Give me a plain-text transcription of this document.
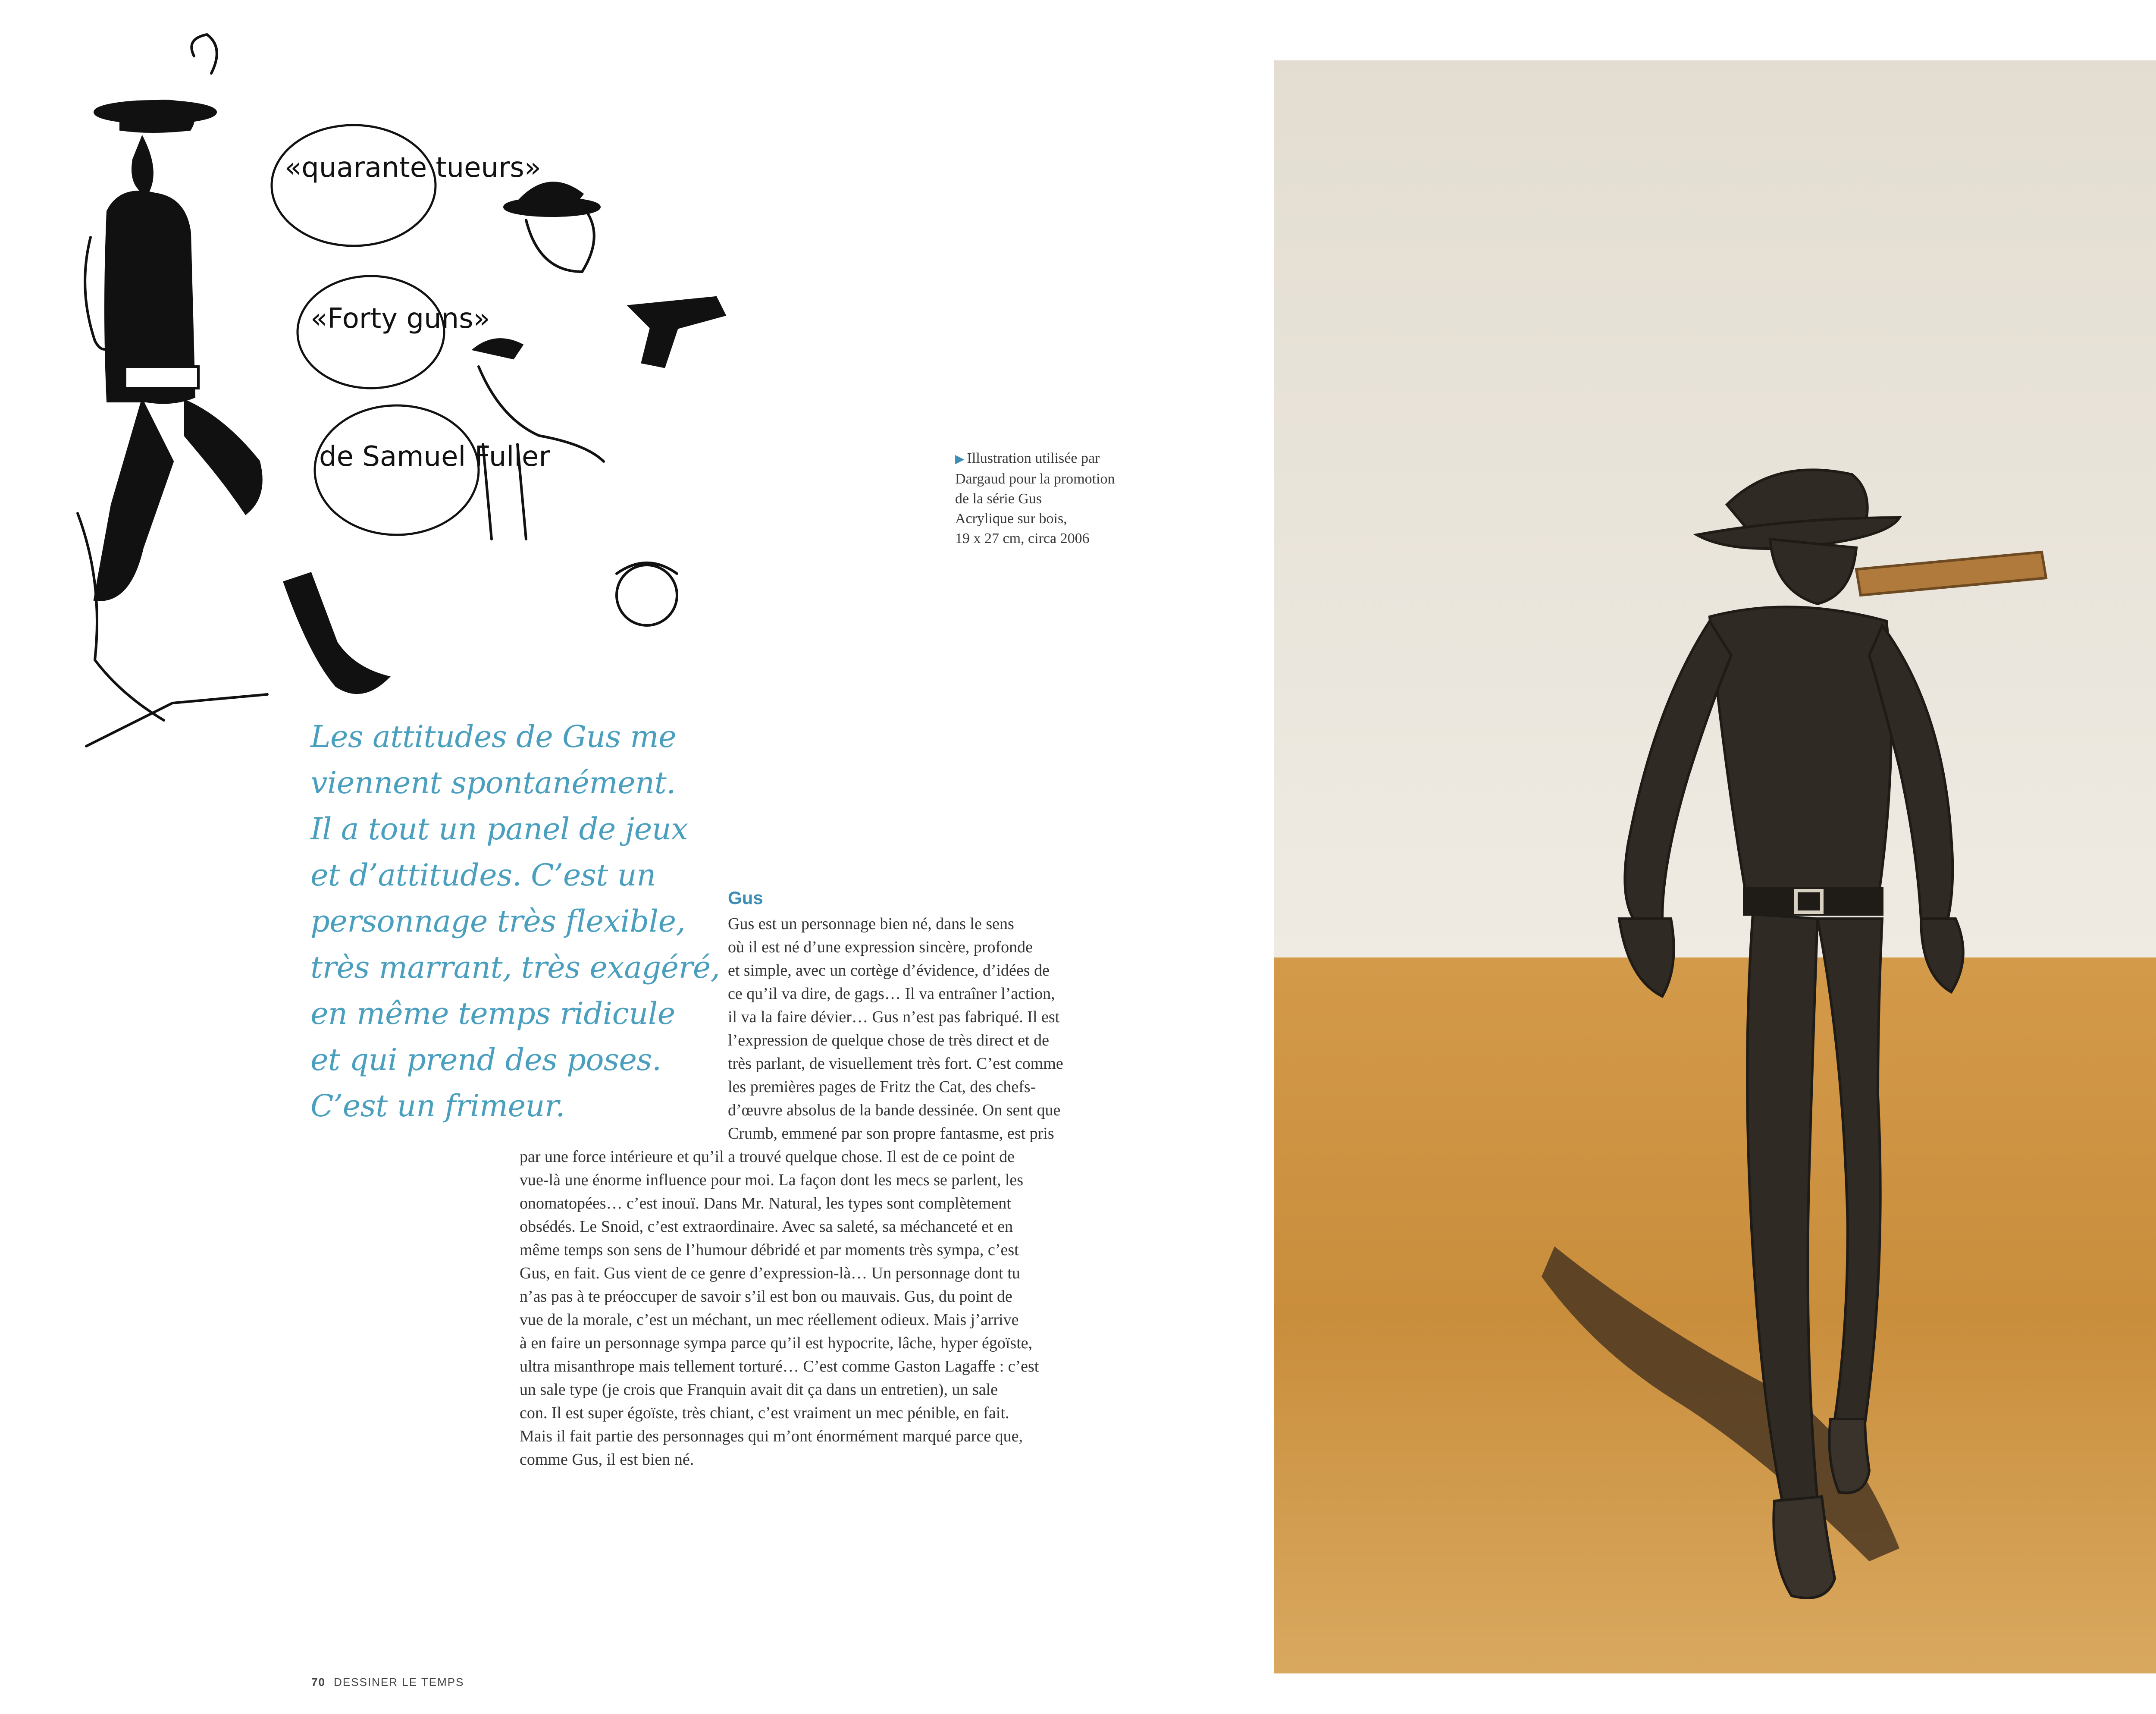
«quarante tueurs»
«Forty guns»
de Samuel Fuller	▶ Illustration utilisée par
Dargaud pour la promotion
de la série Gus
Acrylique sur bois,
19 x 27 cm, circa 2006
Les attitudes de Gus me
viennent spontanément.
Il a tout un panel de jeux
et d’attitudes. C’est un
personnage très flexible,
très marrant, très exagéré,
en même temps ridicule
et qui prend des poses.
C’est un frimeur.
Gus
Gus est un personnage bien né, dans le sens
où il est né d’une expression sincère, profonde
et simple, avec un cortège d’évidence, d’idées de
ce qu’il va dire, de gags… Il va entraîner l’action,
il va la faire dévier… Gus n’est pas fabriqué. Il est
l’expression de quelque chose de très direct et de
très parlant, de visuellement très fort. C’est comme
les premières pages de Fritz the Cat, des chefs-
d’œuvre absolus de la bande dessinée. On sent que
Crumb, emmené par son propre fantasme, est pris
par une force intérieure et qu’il a trouvé quelque chose. Il est de ce point de
vue-là une énorme influence pour moi. La façon dont les mecs se parlent, les
onomatopées… c’est inouï. Dans Mr. Natural, les types sont complètement
obsédés. Le Snoid, c’est extraordinaire. Avec sa saleté, sa méchanceté et en
même temps son sens de l’humour débridé et par moments très sympa, c’est
Gus, en fait. Gus vient de ce genre d’expression-là… Un personnage dont tu
n’as pas à te préoccuper de savoir s’il est bon ou mauvais. Gus, du point de
vue de la morale, c’est un méchant, un mec réellement odieux. Mais j’arrive
à en faire un personnage sympa parce qu’il est hypocrite, lâche, hyper égoïste,
ultra misanthrope mais tellement torturé… C’est comme Gaston Lagaffe : c’est
un sale type (je crois que Franquin avait dit ça dans un entretien), un sale
con. Il est super égoïste, très chiant, c’est vraiment un mec pénible, en fait.
Mais il fait partie des personnages qui m’ont énormément marqué parce que,
comme Gus, il est bien né.
70 DESSINER LE TEMPS
